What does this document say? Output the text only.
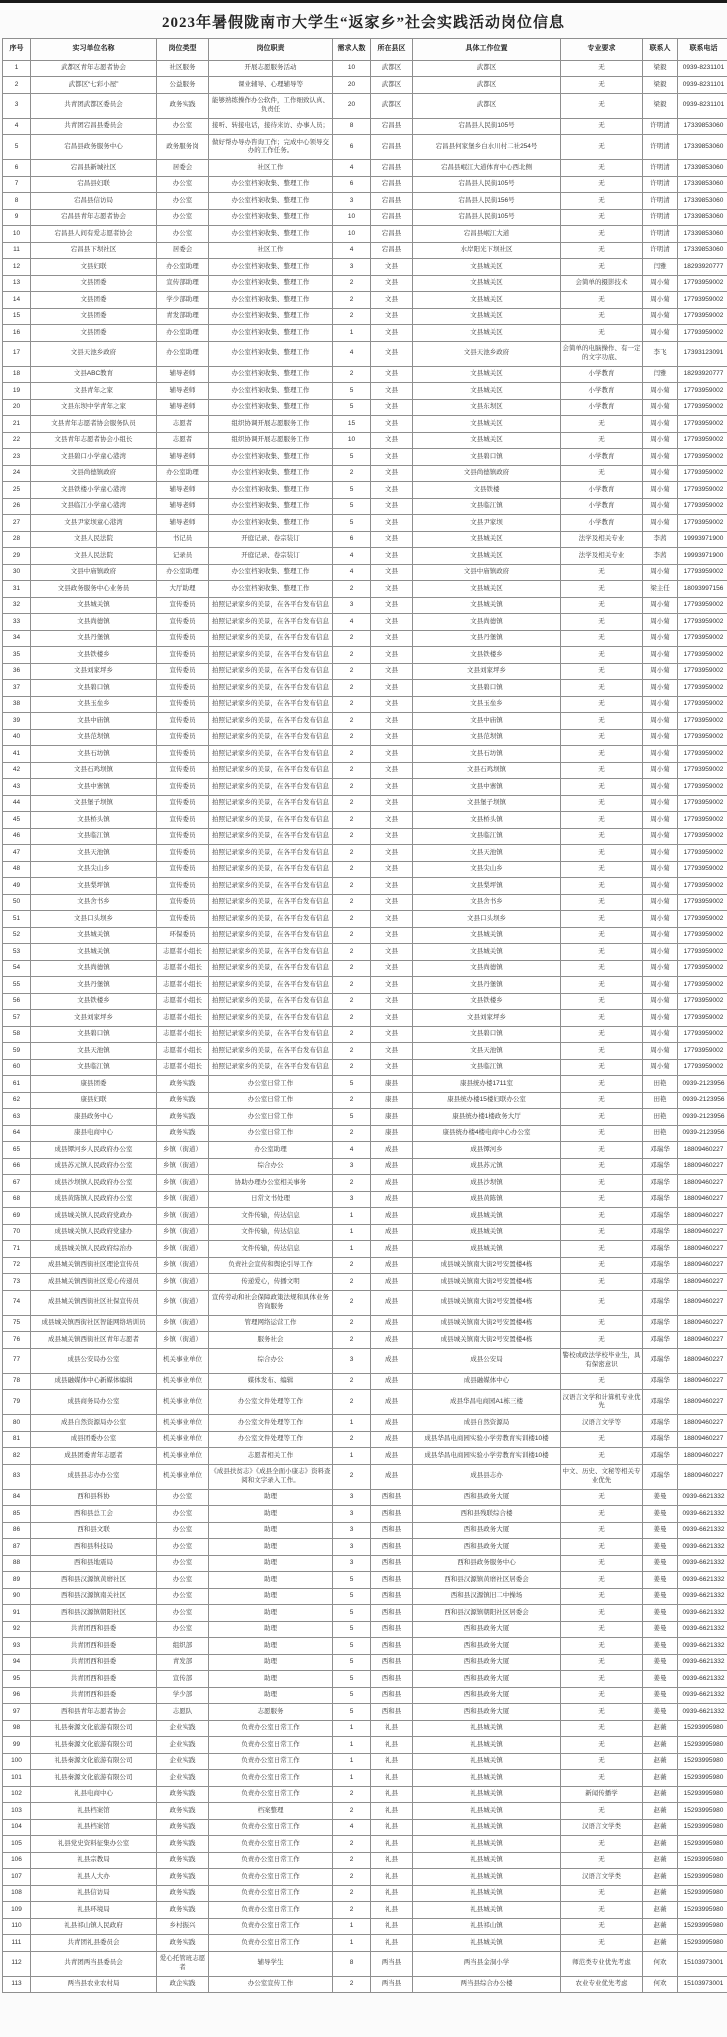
2023年暑假陇南市大学生“返家乡”社会实践活动岗位信息
序号	实习单位名称	岗位类型	岗位职责	需求人数	所在县区	具体工作位置	专业要求	联系人	联系电话
1	武都区青年志愿者协会	社区服务	开展志愿服务活动	10	武都区	武都区	无	梁毅	0939-8231101
2	武都区“七彩小屋”	公益服务	课业辅导、心理辅导等	20	武都区	武都区	无	梁毅	0939-8231101
3	共青团武都区委员会	政务实践	能够熟练操作办公软件，工作细致认真、负责任	20	武都区	武都区	无	梁毅	0939-8231101
4	共青团宕昌县委员会	办公室	接听、转接电话，接待来访、办事人员；	8	宕昌县	宕昌县人民街105号	无	许明清	17339853060
5	宕昌县政务服务中心	政务服务岗	做好帮办导办咨询工作；完成中心领导交办的工作任务。	6	宕昌县	宕昌县何家堡乡白水川村二社254号	无	许明清	17339853060
6	宕昌县新城社区	居委会	社区工作	4	宕昌县	宕昌县岷江大道体育中心西北侧	无	许明清	17339853060
7	宕昌县妇联	办公室	办公室档案收集、整理工作	6	宕昌县	宕昌县人民街105号	无	许明清	17339853060
8	宕昌县信访局	办公室	办公室档案收集、整理工作	3	宕昌县	宕昌县人民街156号	无	许明清	17339853060
9	宕昌县青年志愿者协会	办公室	办公室档案收集、整理工作	10	宕昌县	宕昌县人民街105号	无	许明清	17339853060
10	宕昌县人间有爱志愿者协会	办公室	办公室档案收集、整理工作	10	宕昌县	宕昌县岷江大道	无	许明清	17339853060
11	宕昌县下坝社区	居委会	社区工作	4	宕昌县	水岸阳光下坝社区	无	许明清	17339853060
12	文县妇联	办公室助理	办公室档案收集、整理工作	3	文县	文县城关区	无	闫雅	18293920777
13	文县团委	宣传部助理	办公室档案收集、整理工作	2	文县	文县城关区	会简单的摄影技术	周小菊	17793959002
14	文县团委	学少部助理	办公室档案收集、整理工作	2	文县	文县城关区	无	周小菊	17793959002
15	文县团委	青发部助理	办公室档案收集、整理工作	2	文县	文县城关区	无	周小菊	17793959002
16	文县团委	办公室助理	办公室档案收集、整理工作	1	文县	文县城关区	无	周小菊	17793959002
17	文县天池乡政府	办公室助理	办公室档案收集、整理工作	4	文县	文县天池乡政府	会简单的电脑操作、有一定的文字功底、	李飞	17393123091
18	文县ABC教育	辅导老师	办公室档案收集、整理工作	2	文县	文县城关区	小学教育	闫雅	18293920777
19	文县青年之家	辅导老师	办公室档案收集、整理工作	5	文县	文县城关区	小学教育	周小菊	17793959002
20	文县东坝中学青年之家	辅导老师	办公室档案收集、整理工作	5	文县	文县东坝区	小学教育	周小菊	17793959002
21	文县青年志愿者协会服务队员	志愿者	组织协调开展志愿服务工作	15	文县	文县城关区	无	周小菊	17793959002
22	文县青年志愿者协会小组长	志愿者	组织协调开展志愿服务工作	10	文县	文县城关区	无	周小菊	17793959002
23	文县碧口小学童心港湾	辅导老师	办公室档案收集、整理工作	5	文县	文县碧口镇	小学教育	周小菊	17793959002
24	文县尚德镇政府	办公室助理	办公室档案收集、整理工作	2	文县	文县尚德镇政府	无	周小菊	17793959002
25	文县铁楼小学童心港湾	辅导老师	办公室档案收集、整理工作	5	文县	文县铁楼	小学教育	周小菊	17793959002
26	文县临江小学童心港湾	辅导老师	办公室档案收集、整理工作	5	文县	文县临江镇	小学教育	周小菊	17793959002
27	文县尹家坝童心港湾	辅导老师	办公室档案收集、整理工作	5	文县	文县尹家坝	小学教育	周小菊	17793959002
28	文县人民法院	书记员	开庭记录、卷宗装订	6	文县	文县城关区	法学及相关专业	李茜	19993971900
29	文县人民法院	记录员	开庭记录、卷宗装订	4	文县	文县城关区	法学及相关专业	李茜	19993971900
30	文县中庙镇政府	办公室助理	办公室档案收集、整理工作	4	文县	文县中庙镇政府	无	周小菊	17793959002
31	文县政务服务中心业务员	大厅助理	办公室档案收集、整理工作	2	文县	文县城关区	无	梁主任	18093997156
32	文县城关镇	宣传委员	拍照记录家乡的美景，在各平台发布信息	3	文县	文县城关镇	无	周小菊	17793959002
33	文县尚德镇	宣传委员	拍照记录家乡的美景，在各平台发布信息	4	文县	文县尚德镇	无	周小菊	17793959002
34	文县丹堡镇	宣传委员	拍照记录家乡的美景，在各平台发布信息	2	文县	文县丹堡镇	无	周小菊	17793959002
35	文县铁楼乡	宣传委员	拍照记录家乡的美景，在各平台发布信息	2	文县	文县铁楼乡	无	周小菊	17793959002
36	文县刘家坪乡	宣传委员	拍照记录家乡的美景，在各平台发布信息	2	文县	文县刘家坪乡	无	周小菊	17793959002
37	文县碧口镇	宣传委员	拍照记录家乡的美景，在各平台发布信息	2	文县	文县碧口镇	无	周小菊	17793959002
38	文县玉垒乡	宣传委员	拍照记录家乡的美景，在各平台发布信息	2	文县	文县玉垒乡	无	周小菊	17793959002
39	文县中庙镇	宣传委员	拍照记录家乡的美景，在各平台发布信息	2	文县	文县中庙镇	无	周小菊	17793959002
40	文县范坝镇	宣传委员	拍照记录家乡的美景，在各平台发布信息	2	文县	文县范坝镇	无	周小菊	17793959002
41	文县石坊镇	宣传委员	拍照记录家乡的美景，在各平台发布信息	2	文县	文县石坊镇	无	周小菊	17793959002
42	文县石鸡坝镇	宣传委员	拍照记录家乡的美景，在各平台发布信息	2	文县	文县石鸡坝镇	无	周小菊	17793959002
43	文县中寨镇	宣传委员	拍照记录家乡的美景，在各平台发布信息	2	文县	文县中寨镇	无	周小菊	17793959002
44	文县堡子坝镇	宣传委员	拍照记录家乡的美景，在各平台发布信息	2	文县	文县堡子坝镇	无	周小菊	17793959002
45	文县桥头镇	宣传委员	拍照记录家乡的美景，在各平台发布信息	2	文县	文县桥头镇	无	周小菊	17793959002
46	文县临江镇	宣传委员	拍照记录家乡的美景，在各平台发布信息	2	文县	文县临江镇	无	周小菊	17793959002
47	文县天池镇	宣传委员	拍照记录家乡的美景，在各平台发布信息	2	文县	文县天池镇	无	周小菊	17793959002
48	文县尖山乡	宣传委员	拍照记录家乡的美景，在各平台发布信息	2	文县	文县尖山乡	无	周小菊	17793959002
49	文县梨坪镇	宣传委员	拍照记录家乡的美景，在各平台发布信息	2	文县	文县梨坪镇	无	周小菊	17793959002
50	文县舍书乡	宣传委员	拍照记录家乡的美景，在各平台发布信息	2	文县	文县舍书乡	无	周小菊	17793959002
51	文县口头坝乡	宣传委员	拍照记录家乡的美景，在各平台发布信息	2	文县	文县口头坝乡	无	周小菊	17793959002
52	文县城关镇	环保委员	拍照记录家乡的美景，在各平台发布信息	2	文县	文县城关镇	无	周小菊	17793959002
53	文县城关镇	志愿者小组长	拍照记录家乡的美景，在各平台发布信息	2	文县	文县城关镇	无	周小菊	17793959002
54	文县尚德镇	志愿者小组长	拍照记录家乡的美景，在各平台发布信息	2	文县	文县尚德镇	无	周小菊	17793959002
55	文县丹堡镇	志愿者小组长	拍照记录家乡的美景，在各平台发布信息	2	文县	文县丹堡镇	无	周小菊	17793959002
56	文县铁楼乡	志愿者小组长	拍照记录家乡的美景，在各平台发布信息	2	文县	文县铁楼乡	无	周小菊	17793959002
57	文县刘家坪乡	志愿者小组长	拍照记录家乡的美景，在各平台发布信息	2	文县	文县刘家坪乡	无	周小菊	17793959002
58	文县碧口镇	志愿者小组长	拍照记录家乡的美景，在各平台发布信息	2	文县	文县碧口镇	无	周小菊	17793959002
59	文县天池镇	志愿者小组长	拍照记录家乡的美景，在各平台发布信息	2	文县	文县天池镇	无	周小菊	17793959002
60	文县临江镇	志愿者小组长	拍照记录家乡的美景，在各平台发布信息	2	文县	文县临江镇	无	周小菊	17793959002
61	康县团委	政务实践	办公室日常工作	5	康县	康县统办楼1711室	无	田艳	0939-2123956
62	康县妇联	政务实践	办公室日常工作	2	康县	康县统办楼15楼妇联办公室	无	田艳	0939-2123956
63	康县政务中心	政务实践	办公室日常工作	5	康县	康县统办楼1楼政务大厅	无	田艳	0939-2123956
64	康县电商中心	政务实践	办公室日常工作	2	康县	康县统办楼4楼电商中心办公室	无	田艳	0939-2123956
65	成县镡河乡人民政府办公室	乡镇（街道）	办公室助理	4	成县	成县镡河乡	无	邓瑞华	18809460227
66	成县苏元镇人民政府办公室	乡镇（街道）	综合办公	3	成县	成县苏元镇	无	邓瑞华	18809460227
67	成县沙坝镇人民政府办公室	乡镇（街道）	协助办理办公室相关事务	2	成县	成县沙坝镇	无	邓瑞华	18809460227
68	成县黄陈镇人民政府办公室	乡镇（街道）	日常文书处理	3	成县	成县黄陈镇	无	邓瑞华	18809460227
69	成县城关镇人民政府党政办	乡镇（街道）	文件传输，传达信息	1	成县	成县城关镇	无	邓瑞华	18809460227
70	成县城关镇人民政府党建办	乡镇（街道）	文件传输，传达信息	1	成县	成县城关镇	无	邓瑞华	18809460227
71	成县城关镇人民政府综治办	乡镇（街道）	文件传输，传达信息	1	成县	成县城关镇	无	邓瑞华	18809460227
72	成县城关镇西街社区理论宣传员	乡镇（街道）	负责社会宣传和舆论引导工作	2	成县	成县城关镇南大街2号安置楼4栋	无	邓瑞华	18809460227
73	成县城关镇西街社区爱心传递员	乡镇（街道）	传递爱心，传播文明	2	成县	成县城关镇南大街2号安置楼4栋	无	邓瑞华	18809460227
74	成县城关镇西街社区社保宣传员	乡镇（街道）	宣传劳动和社会保障政策法规和具体业务咨询服务	2	成县	成县城关镇南大街2号安置楼4栋	无	邓瑞华	18809460227
75	成县城关镇西街社区智能网络培训员	乡镇（街道）	管理网络运营工作	2	成县	成县城关镇南大街2号安置楼4栋	无	邓瑞华	18809460227
76	成县城关镇西街社区青年志愿者	乡镇（街道）	服务社会	2	成县	成县城关镇南大街2号安置楼4栋	无	邓瑞华	18809460227
77	成县公安局办公室	机关事业单位	综合办公	3	成县	成县公安局	警校或政法学校毕业生，具有保密意识	邓瑞华	18809460227
78	成县融媒体中心新媒体编辑	机关事业单位	媒体发布、编辑	2	成县	成县融媒体中心	无	邓瑞华	18809460227
79	成县商务局办公室	机关事业单位	办公室文件处理等工作	2	成县	成县华昌电商园A1栋三楼	汉语言文学和计算机专业优先	邓瑞华	18809460227
80	成县自然资源局办公室	机关事业单位	办公室文件处理等工作	1	成县	成县自然资源局	汉语言文学等	邓瑞华	18809460227
81	成县团委办公室	机关事业单位	办公室文件处理等工作	2	成县	成县华昌电商园实验小学劳教育实训楼10楼	无	邓瑞华	18809460227
82	成县团委青年志愿者	机关事业单位	志愿者相关工作	1	成县	成县华昌电商园实验小学劳教育实训楼10楼	无	邓瑞华	18809460227
83	成县县志办办公室	机关事业单位	《成县扶贫志》《成县全面小康志》资料查阅和文字录入工作。	2	成县	成县县志办	中文、历史、文秘等相关专业优先	邓瑞华	18809460227
84	西和县科协	办公室	助理	3	西和县	西和县政务大厦	无	姜曼	0939-6621332
85	西和县总工会	办公室	助理	3	西和县	西和县残联综合楼	无	姜曼	0939-6621332
86	西和县文联	办公室	助理	3	西和县	西和县政务大厦	无	姜曼	0939-6621332
87	西和县科技局	办公室	助理	3	西和县	西和县政务大厦	无	姜曼	0939-6621332
88	西和县地震局	办公室	助理	3	西和县	西和县政务服务中心	无	姜曼	0939-6621332
89	西和县汉源镇黄磨社区	办公室	助理	5	西和县	西和县汉源镇黄磨社区居委会	无	姜曼	0939-6621332
90	西和县汉源镇南关社区	办公室	助理	5	西和县	西和县汉源镇旧二中操场	无	姜曼	0939-6621332
91	西和县汉源镇朝阳社区	办公室	助理	5	西和县	西和县汉源镇朝阳社区居委会	无	姜曼	0939-6621332
92	共青团西和县委	办公室	助理	5	西和县	西和县政务大厦	无	姜曼	0939-6621332
93	共青团西和县委	组织部	助理	5	西和县	西和县政务大厦	无	姜曼	0939-6621332
94	共青团西和县委	青发部	助理	5	西和县	西和县政务大厦	无	姜曼	0939-6621332
95	共青团西和县委	宣传部	助理	5	西和县	西和县政务大厦	无	姜曼	0939-6621332
96	共青团西和县委	学少部	助理	5	西和县	西和县政务大厦	无	姜曼	0939-6621332
97	西和县青年志愿者协会	志愿队	志愿服务	5	西和县	西和县政务大厦	无	姜曼	0939-6621332
98	礼县秦源文化旅游有限公司	企业实践	负责办公室日常工作	1	礼县	礼县城关镇	无	赵薇	15293995980
99	礼县秦源文化旅游有限公司	企业实践	负责办公室日常工作	1	礼县	礼县城关镇	无	赵薇	15293995980
100	礼县秦源文化旅游有限公司	企业实践	负责办公室日常工作	1	礼县	礼县城关镇	无	赵薇	15293995980
101	礼县秦源文化旅游有限公司	企业实践	负责办公室日常工作	1	礼县	礼县城关镇	无	赵薇	15293995980
102	礼县电商中心	政务实践	负责办公室日常工作	2	礼县	礼县城关镇	新闻传播学	赵薇	15293995980
103	礼县档案馆	政务实践	档案整理	2	礼县	礼县城关镇	无	赵薇	15293995980
104	礼县档案馆	政务实践	负责办公室日常工作	4	礼县	礼县城关镇	汉语言文学类	赵薇	15293995980
105	礼县党史资料征集办公室	政务实践	负责办公室日常工作	2	礼县	礼县城关镇	无	赵薇	15293995980
106	礼县宗教局	政务实践	负责办公室日常工作	2	礼县	礼县城关镇	无	赵薇	15293995980
107	礼县人大办	政务实践	负责办公室日常工作	2	礼县	礼县城关镇	汉语言文学类	赵薇	15293995980
108	礼县信访局	政务实践	负责办公室日常工作	2	礼县	礼县城关镇	无	赵薇	15293995980
109	礼县环境局	政务实践	负责办公室日常工作	2	礼县	礼县城关镇	无	赵薇	15293995980
110	礼县祁山镇人民政府	乡村振兴	负责办公室日常工作	1	礼县	礼县祁山镇	无	赵薇	15293995980
111	共青团礼县委员会	政务实践	负责办公室日常工作	1	礼县	礼县城关镇	无	赵薇	15293995980
112	共青团两当县委员会	爱心托管班志愿者	辅导学生	8	两当县	两当县金洞小学	师范类专业优先考虑	何欢	15103973001
113	两当县农业农村局	政企实践	办公室宣传工作	2	两当县	两当县综合办公楼	农业专业优先考虑	何欢	15103973001
